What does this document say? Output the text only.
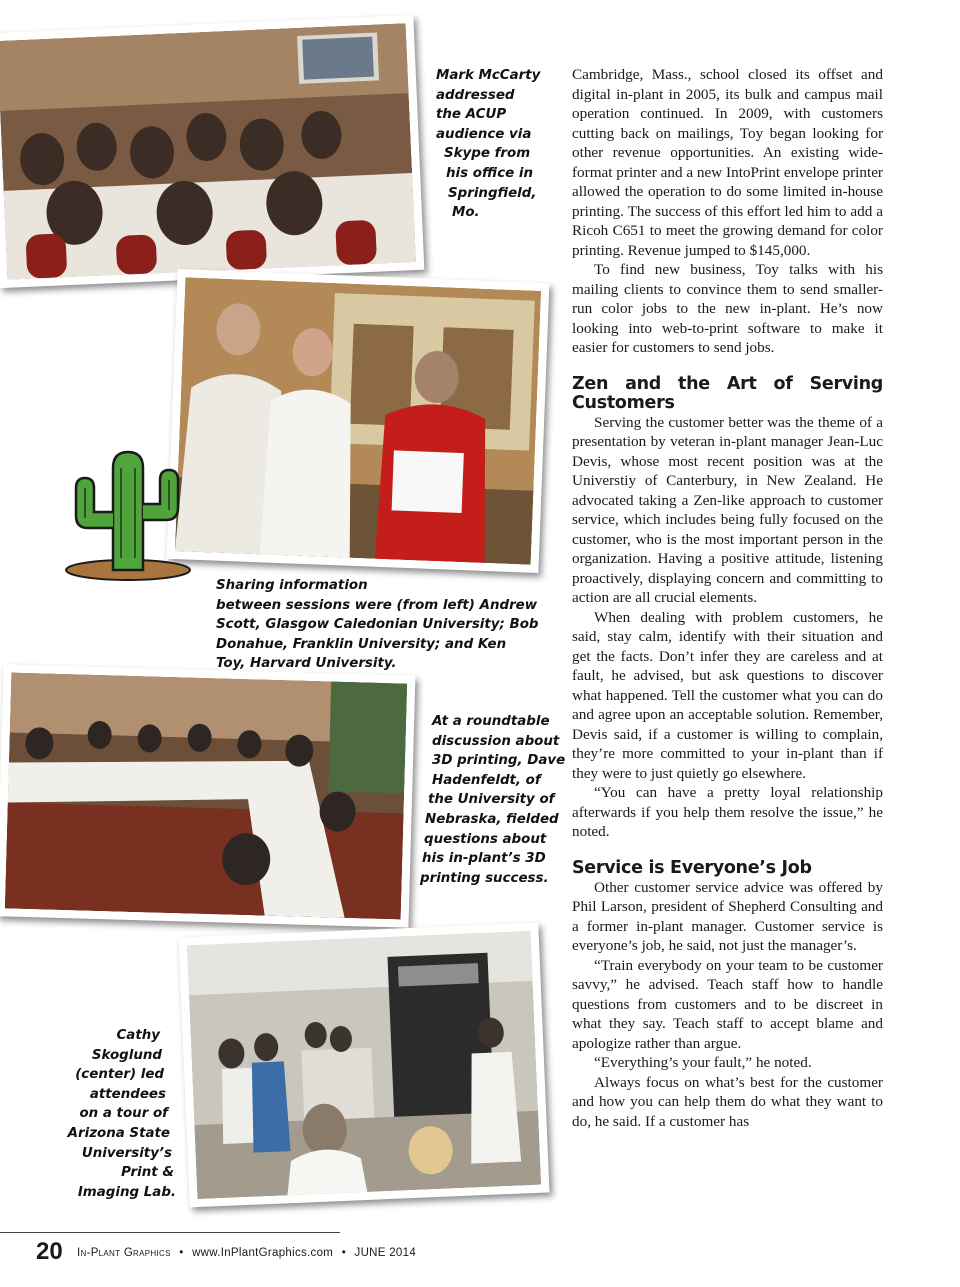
Mark McCarty
addressed
the ACUP
audience via
Skype from
his office in
Springfield,
Mo.
Sharing information
between sessions were (from left) Andrew
Scott, Glasgow Caledonian University; Bob
Donahue, Franklin University; and Ken
Toy, Harvard University.
At a roundtable
discussion about
3D printing, Dave
Hadenfeldt, of
the University of
Nebraska, fielded
questions about
his in-plant’s 3D
printing success.
Cathy
Skoglund
(center) led
attendees
on a tour of
Arizona State
University’s
Print &
Imaging Lab.

Cambridge, Mass., school closed its offset and digital in-plant in 2005, its bulk and campus mail operation continued. In 2009, with customers cutting back on mailings, Toy began looking for other revenue opportunities. An existing wide-format printer and a new IntoPrint envelope printer allowed the operation to do some limited in-house printing. The success of this effort led him to add a Ricoh C651 to meet the growing demand for color printing. Revenue jumped to $145,000.

To find new business, Toy talks with his mailing clients to convince them to send smaller-run color jobs to the new in-plant. He’s now looking into web-to-print software to make it easier for customers to send jobs.

Zen and the Art of Serving Customers

Serving the customer better was the theme of a presentation by veteran in-plant manager Jean-Luc Devis, whose most recent position was at the Universtiy of Canterbury, in New Zealand. He advocated taking a Zen-like approach to customer service, which includes being fully focused on the customer, who is the most important person in the organization. Having a positive attitude, listening proactively, displaying concern and committing to action are all crucial elements.

When dealing with problem customers, he said, stay calm, identify with their situation and get the facts. Don’t infer they are careless and at fault, he advised, but ask questions to discover what happened. Tell the customer what you can do and agree upon an acceptable solution. Remember, Devis said, if a customer is willing to complain, they’re more committed to your in-plant than if they were to just quietly go elsewhere.

“You can have a pretty loyal relationship afterwards if you help them resolve the issue,” he noted.

Service is Everyone’s Job

Other customer service advice was offered by Phil Larson, president of Shepherd Consulting and a former in-plant manager. Customer service is everyone’s job, he said, not just the manager’s.

“Train everybody on your team to be customer savvy,” he advised. Teach staff how to handle questions from customers and to be discreet in what they say. Teach staff to accept blame and apologize rather than argue.

“Everything’s your fault,” he noted.

Always focus on what’s best for the customer and how you can help them do what they want to do, he said. If a customer has

20 In-Plant Graphics • www.InPlantGraphics.com • JUNE 2014
